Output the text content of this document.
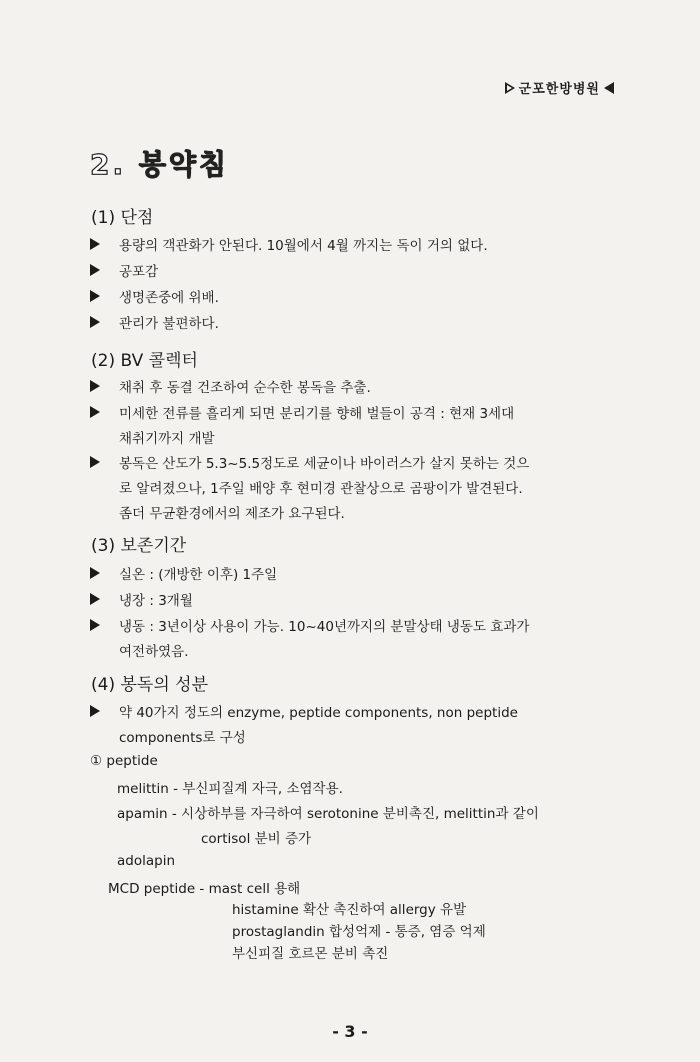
군포한방병원
2. 봉약침
(1) 단점
용량의 객관화가 안된다. 10월에서 4월 까지는 독이 거의 없다.
공포감
생명존중에 위배.
관리가 불편하다.
(2) BV 콜렉터
채취 후 동결 건조하여 순수한 봉독을 추출.
미세한 전류를 흘리게 되면 분리기를 향해 벌들이 공격 : 현재 3세대
채취기까지 개발
봉독은 산도가 5.3~5.5정도로 세균이나 바이러스가 살지 못하는 것으
로 알려졌으나, 1주일 배양 후 현미경 관찰상으로 곰팡이가 발견된다.
좀더 무균환경에서의 제조가 요구된다.
(3) 보존기간
실온 : (개방한 이후) 1주일
냉장 : 3개월
냉동 : 3년이상 사용이 가능. 10~40년까지의 분말상태 냉동도 효과가
여전하였음.
(4) 봉독의 성분
약 40가지 정도의 enzyme, peptide components, non peptide
components로 구성
① peptide
melittin - 부신피질계 자극, 소염작용.
apamin - 시상하부를 자극하여 serotonine 분비촉진, melittin과 같이
cortisol 분비 증가
adolapin
MCD peptide - mast cell 용해
histamine 확산 촉진하여 allergy 유발
prostaglandin 합성억제 - 통증, 염증 억제
부신피질 호르몬 분비 촉진
- 3 -
